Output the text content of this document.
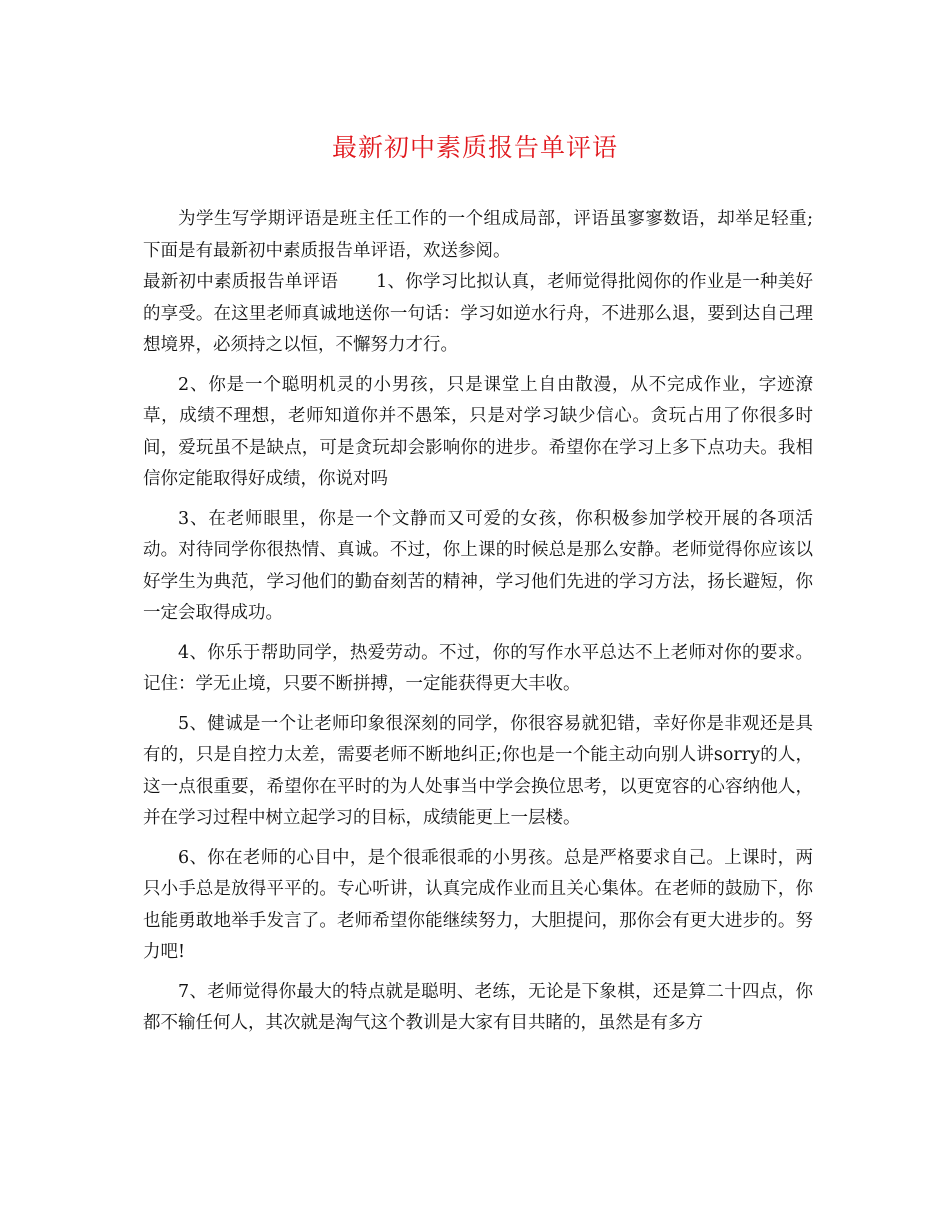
最新初中素质报告单评语

为学生写学期评语是班主任工作的一个组成局部，评语虽寥寥数语，却举足轻重;下面是有最新初中素质报告单评语，欢送参阅。

最新初中素质报告单评语 1、你学习比拟认真，老师觉得批阅你的作业是一种美好的享受。在这里老师真诚地送你一句话：学习如逆水行舟，不进那么退，要到达自己理想境界，必须持之以恒，不懈努力才行。

2、你是一个聪明机灵的小男孩，只是课堂上自由散漫，从不完成作业，字迹潦草，成绩不理想，老师知道你并不愚笨，只是对学习缺少信心。贪玩占用了你很多时间，爱玩虽不是缺点，可是贪玩却会影响你的进步。希望你在学习上多下点功夫。我相信你定能取得好成绩，你说对吗

3、在老师眼里，你是一个文静而又可爱的女孩，你积极参加学校开展的各项活动。对待同学你很热情、真诚。不过，你上课的时候总是那么安静。老师觉得你应该以好学生为典范，学习他们的勤奋刻苦的精神，学习他们先进的学习方法，扬长避短，你一定会取得成功。

4、你乐于帮助同学，热爱劳动。不过，你的写作水平总达不上老师对你的要求。记住：学无止境，只要不断拼搏，一定能获得更大丰收。

5、健诚是一个让老师印象很深刻的同学，你很容易就犯错，幸好你是非观还是具有的，只是自控力太差，需要老师不断地纠正;你也是一个能主动向别人讲sorry的人，这一点很重要，希望你在平时的为人处事当中学会换位思考，以更宽容的心容纳他人，并在学习过程中树立起学习的目标，成绩能更上一层楼。

6、你在老师的心目中，是个很乖很乖的小男孩。总是严格要求自己。上课时，两只小手总是放得平平的。专心听讲，认真完成作业而且关心集体。在老师的鼓励下，你也能勇敢地举手发言了。老师希望你能继续努力，大胆提问，那你会有更大进步的。努力吧!

7、老师觉得你最大的特点就是聪明、老练，无论是下象棋，还是算二十四点，你都不输任何人，其次就是淘气这个教训是大家有目共睹的，虽然是有多方
